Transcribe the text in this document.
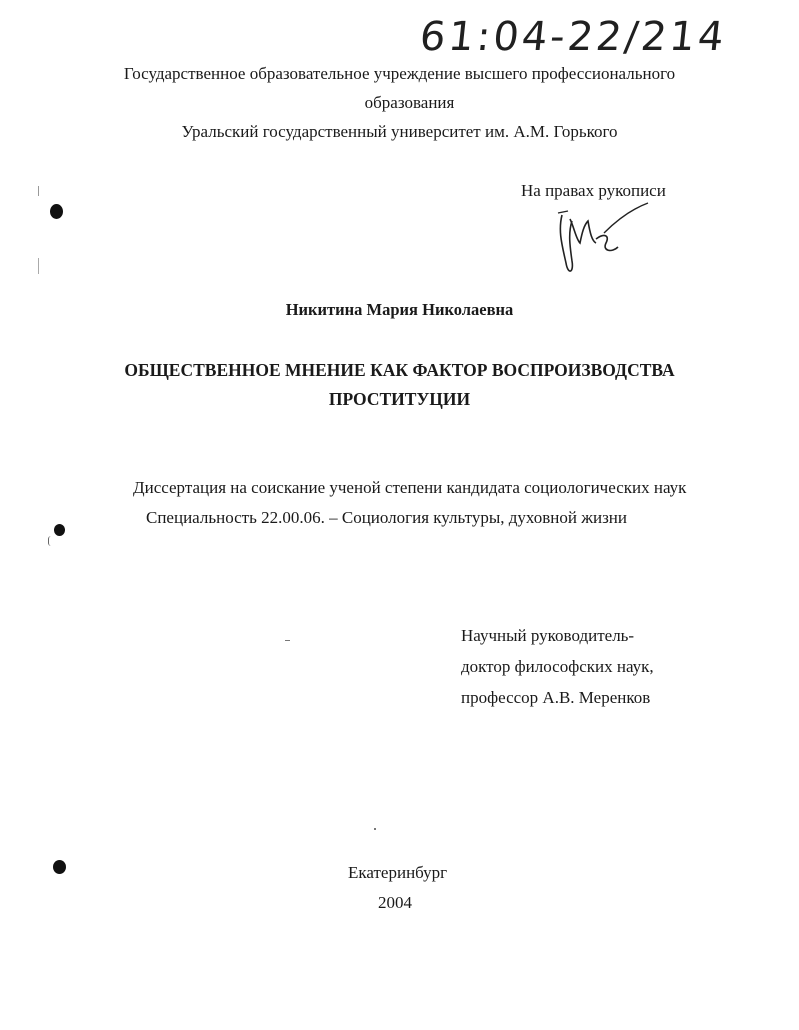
61:04-22/214
Государственное образовательное учреждение высшего профессионального
образования
Уральский государственный университет им. А.М. Горького
На правах рукописи
Никитина Мария Николаевна
ОБЩЕСТВЕННОЕ МНЕНИЕ КАК ФАКТОР ВОСПРОИЗВОДСТВА
ПРОСТИТУЦИИ
Диссертация на соискание ученой степени кандидата социологических наук
Специальность 22.00.06. – Социология культуры, духовной жизни
Научный руководитель-
доктор философских наук,
профессор А.В. Меренков
Екатеринбург
2004
